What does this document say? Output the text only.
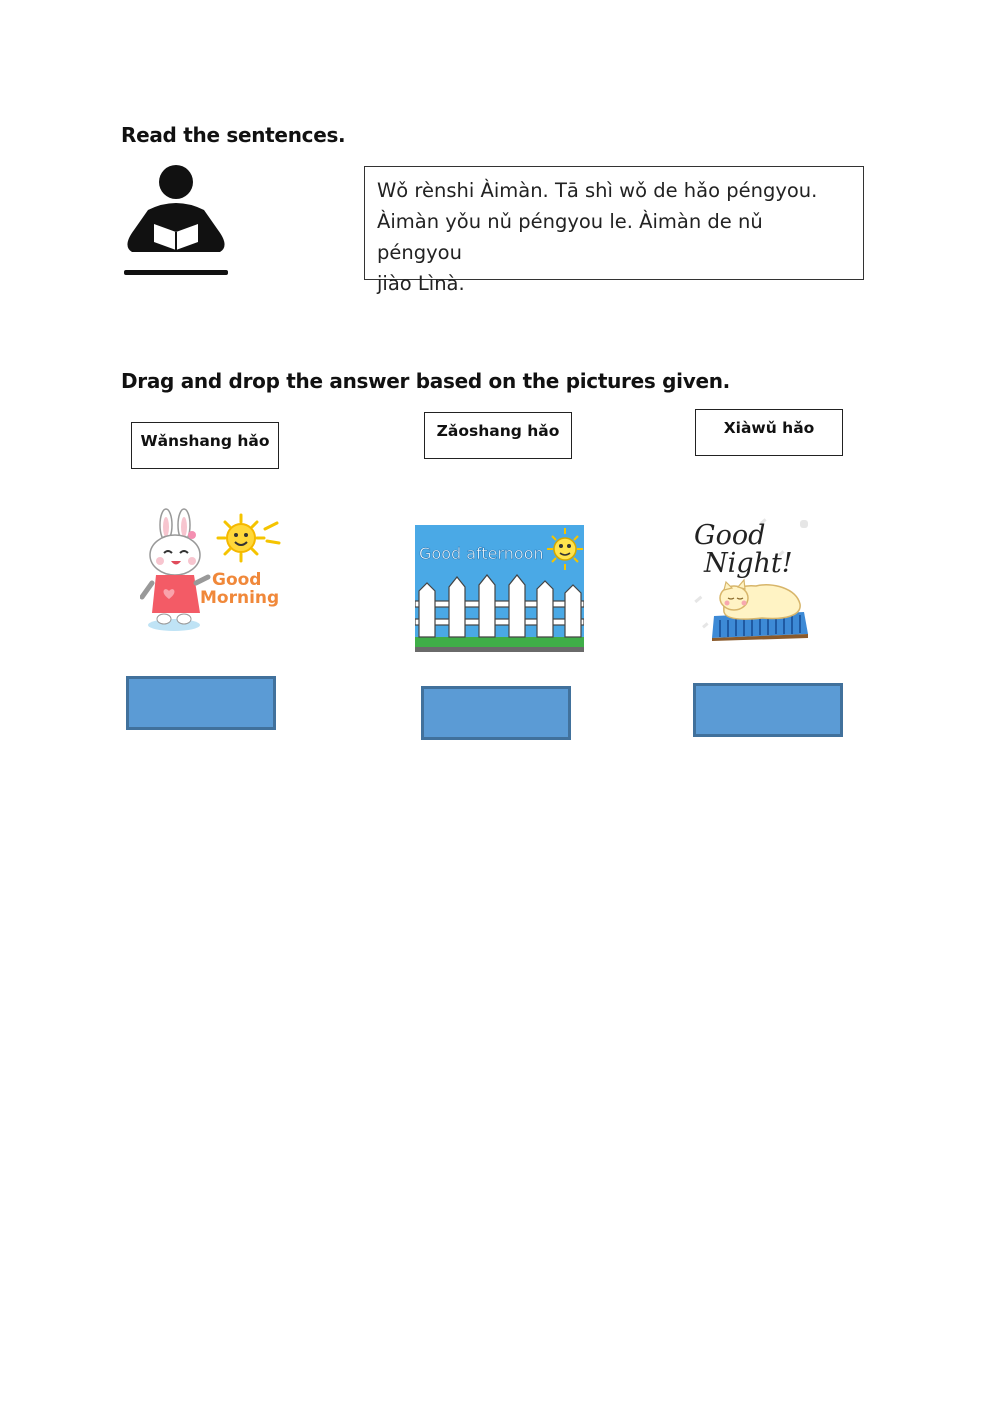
Read the sentences.

Wǒ rènshi Àimàn. Tā shì wǒ de hǎo péngyou.

Àimàn yǒu nǔ péngyou le. Àimàn de nǔ péngyou

jiào Lìnà.

Drag and drop the answer based on the pictures given.
Wǎnshang hǎo
Zǎoshang hǎo	Xiàwǔ hǎo
Good
Morning
Good afternoon
Good
Night!
